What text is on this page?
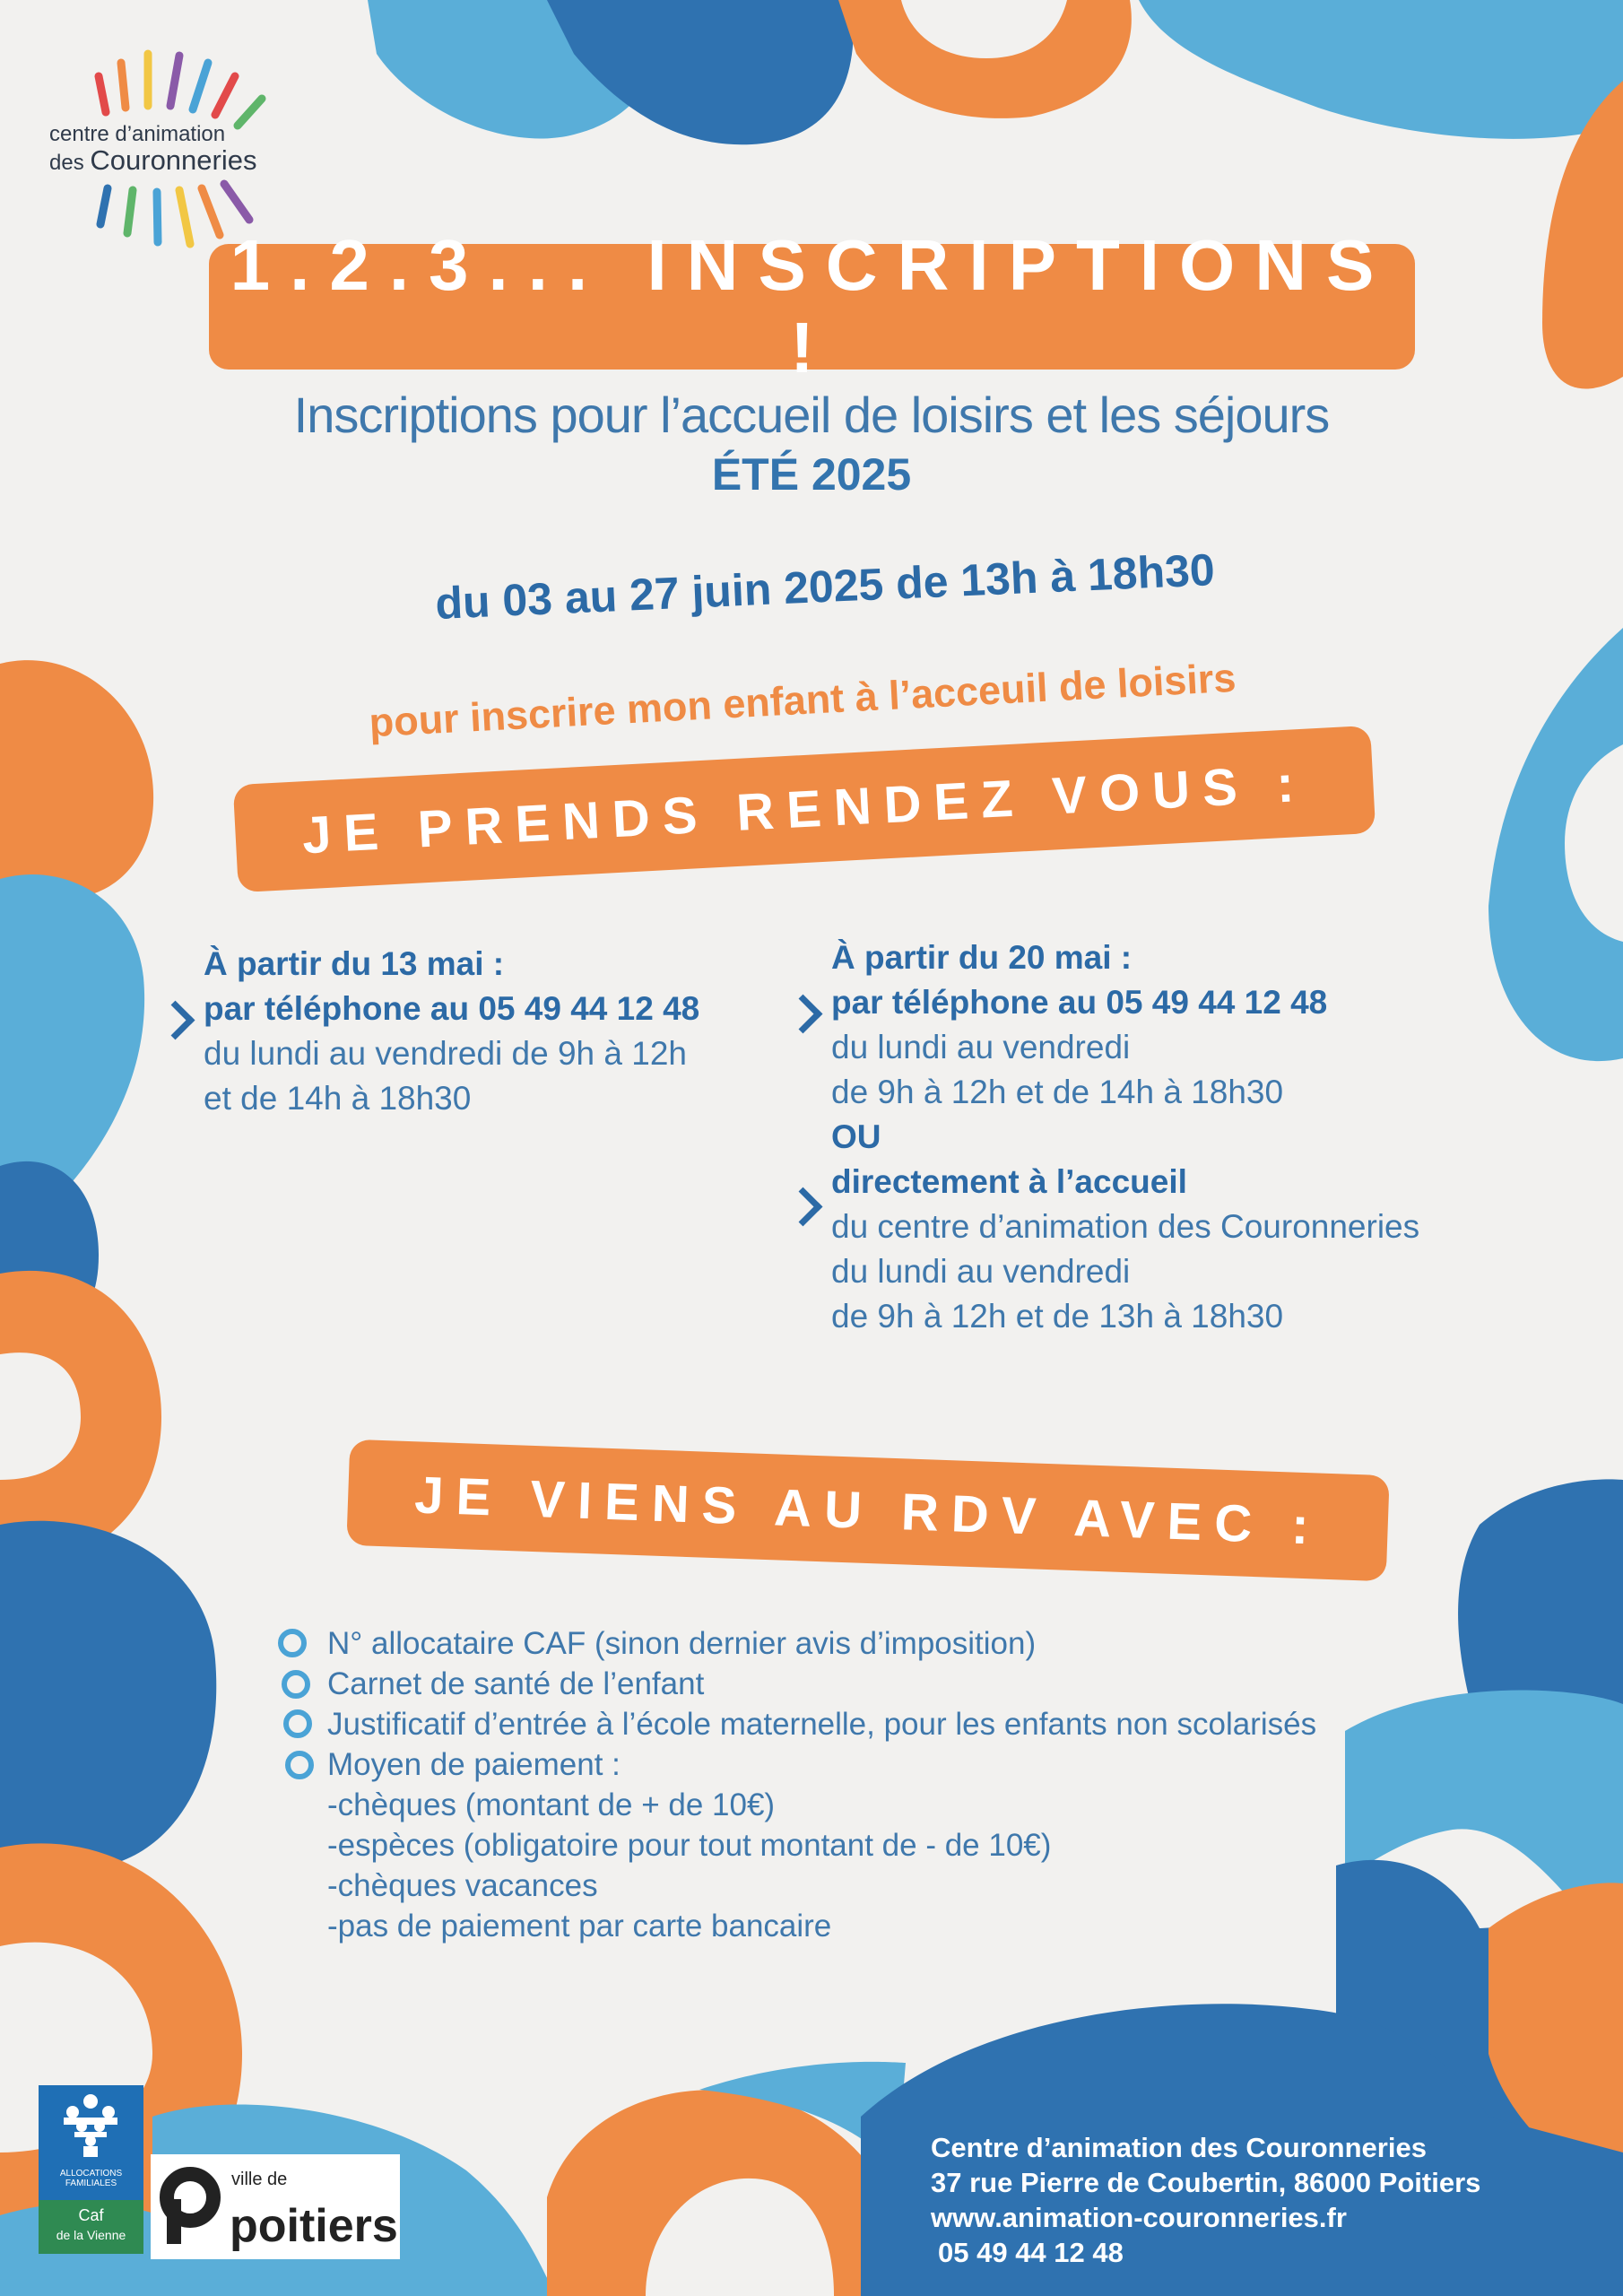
centre d’animation
des Couronneries
1.2.3... INSCRIPTIONS !
Inscriptions pour l’accueil de loisirs et les séjours
ÉTÉ 2025
du 03 au 27 juin 2025 de 13h à 18h30
pour inscrire mon enfant à l’acceuil de loisirs
JE PRENDS RENDEZ VOUS :
À partir du 13 mai :
par téléphone au 05 49 44 12 48
du lundi au vendredi de 9h à 12h
et de 14h à 18h30
À partir du 20 mai :
par téléphone au 05 49 44 12 48
du lundi au vendredi
de 9h à 12h et de 14h à 18h30
OU
directement à l’accueil
du centre d’animation des Couronneries
du lundi au vendredi
de 9h à 12h et de 13h à 18h30
JE VIENS AU RDV AVEC :
N° allocataire CAF (sinon dernier avis d’imposition)
Carnet de santé de l’enfant
Justificatif d’entrée à l’école maternelle, pour les enfants non scolarisés
Moyen de paiement :
-chèques (montant de + de 10€)
-espèces (obligatoire pour tout montant de - de 10€)
-chèques vacances
-pas de paiement par carte bancaire
ALLOCATIONS
FAMILIALES
Caf
de la Vienne
ville de
poitiers
Centre d’animation des Couronneries
37 rue Pierre de Coubertin, 86000 Poitiers
www.animation-couronneries.fr
05 49 44 12 48
